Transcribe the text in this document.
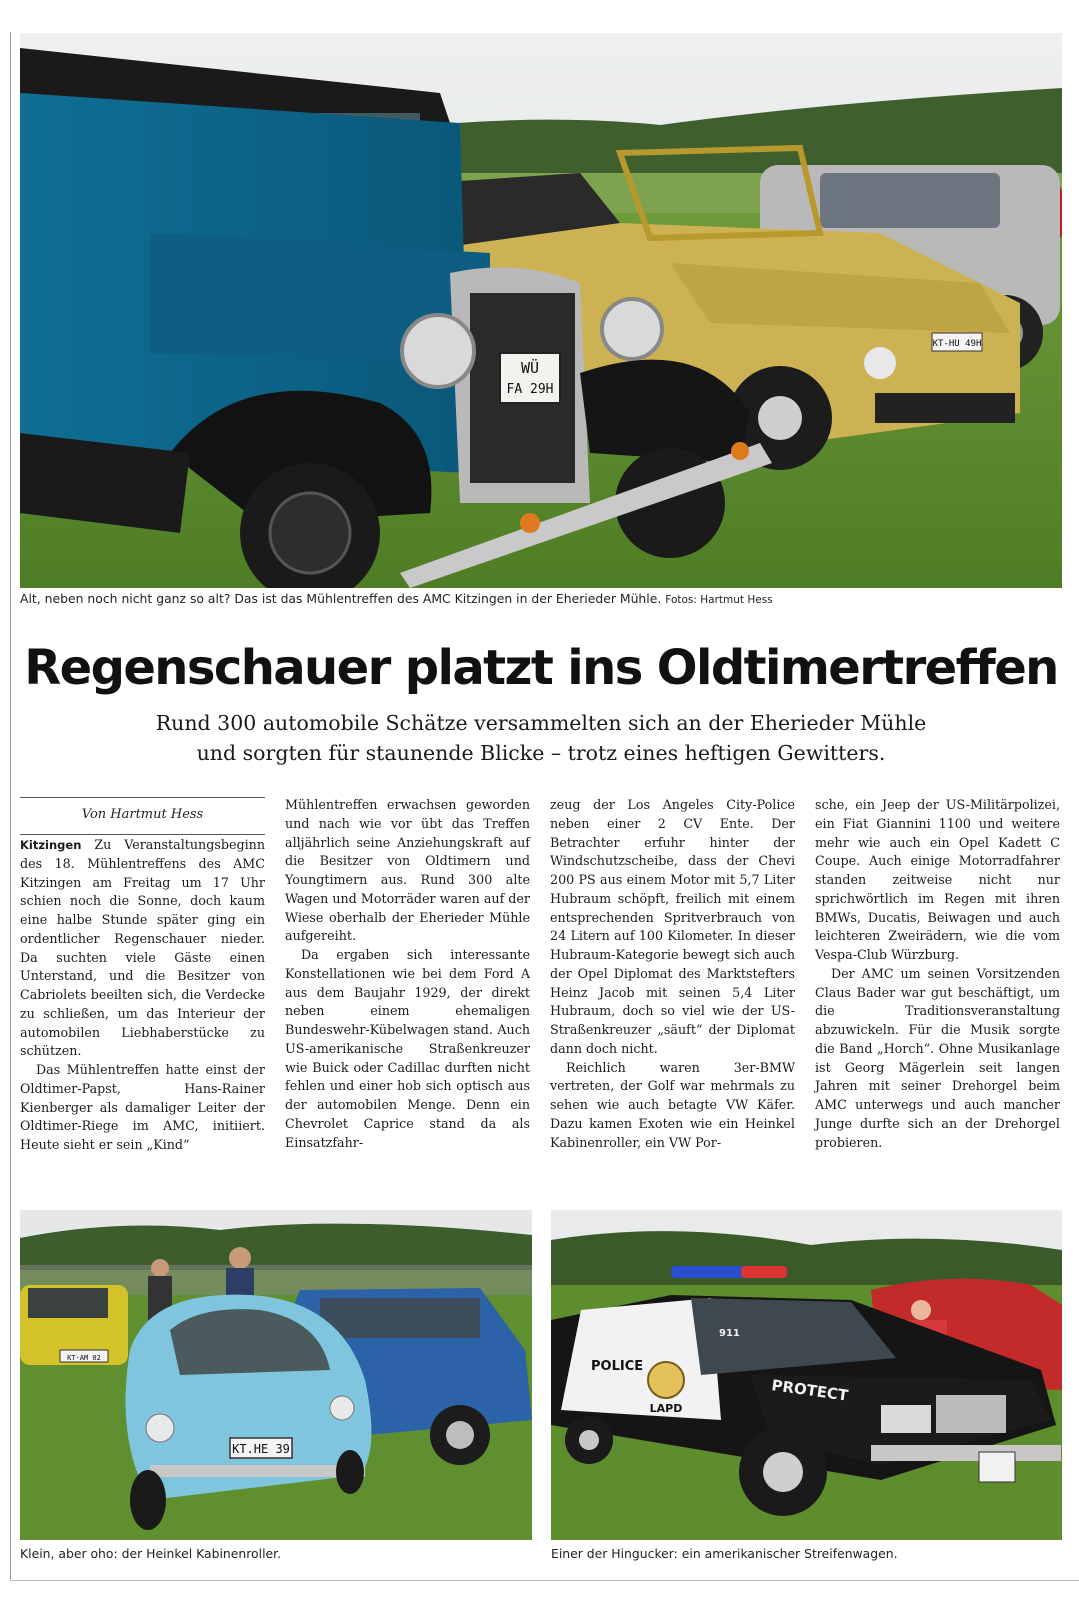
KT-HU 49H
WÜ
FA 29H
Alt, neben noch nicht ganz so alt? Das ist das Mühlentreffen des AMC Kitzingen in der Eherieder Mühle. Fotos: Hartmut Hess
Regenschauer platzt ins Oldtimertreffen
Rund 300 automobile Schätze versammelten sich an der Eherieder Mühle
und sorgten für staunende Blicke – trotz eines heftigen Gewitters.
Von Hartmut Hess

Kitzingen Zu Veranstaltungsbeginn des 18. Mühlentreffens des AMC Kitzingen am Freitag um 17 Uhr schien noch die Sonne, doch kaum eine halbe Stunde später ging ein ordentlicher Regenschauer nieder. Da suchten viele Gäste einen Unterstand, und die Besitzer von Cabriolets beeilten sich, die Verdecke zu schließen, um das Interieur der automobilen Liebhaberstücke zu schützen.

Das Mühlentreffen hatte einst der Oldtimer-Papst, Hans-Rainer Kienberger als damaliger Leiter der Oldtimer-Riege im AMC, initiiert. Heute sieht er sein „Kind“

Mühlentreffen erwachsen geworden und nach wie vor übt das Treffen alljährlich seine Anziehungskraft auf die Besitzer von Oldtimern und Youngtimern aus. Rund 300 alte Wagen und Motorräder waren auf der Wiese oberhalb der Eherieder Mühle aufgereiht.

Da ergaben sich interessante Konstellationen wie bei dem Ford A aus dem Baujahr 1929, der direkt neben einem ehemaligen Bundeswehr-Kübelwagen stand. Auch US-amerikanische Straßenkreuzer wie Buick oder Cadillac durften nicht fehlen und einer hob sich optisch aus der automobilen Menge. Denn ein Chevrolet Caprice stand da als Einsatzfahr-

zeug der Los Angeles City-Police neben einer 2 CV Ente. Der Betrachter erfuhr hinter der Windschutzscheibe, dass der Chevi 200 PS aus einem Motor mit 5,7 Liter Hubraum schöpft, freilich mit einem entsprechenden Spritverbrauch von 24 Litern auf 100 Kilometer. In dieser Hubraum-Kategorie bewegt sich auch der Opel Diplomat des Marktstefters Heinz Jacob mit seinen 5,4 Liter Hubraum, doch so viel wie der US-Straßenkreuzer „säuft“ der Diplomat dann doch nicht.

Reichlich waren 3er-BMW vertreten, der Golf war mehrmals zu sehen wie auch betagte VW Käfer. Dazu kamen Exoten wie ein Heinkel Kabinenroller, ein VW Por-

sche, ein Jeep der US-Militärpolizei, ein Fiat Giannini 1100 und weitere mehr wie auch ein Opel Kadett C Coupe. Auch einige Motorradfahrer standen zeitweise nicht nur sprichwörtlich im Regen mit ihren BMWs, Ducatis, Beiwagen und auch leichteren Zweirädern, wie die vom Vespa-Club Würzburg.

Der AMC um seinen Vorsitzenden Claus Bader war gut beschäftigt, um die Traditionsveranstaltung abzuwickeln. Für die Musik sorgte die Band „Horch“. Ohne Musikanlage ist Georg Mägerlein seit langen Jahren mit seiner Drehorgel beim AMC unterwegs und auch mancher Junge durfte sich an der Drehorgel probieren.

KT·AM 02
KT.HE 39
Klein, aber oho: der Heinkel Kabinenroller.
POLICE
LAPD
PROTECT
911
Einer der Hingucker: ein amerikanischer Streifenwagen.
